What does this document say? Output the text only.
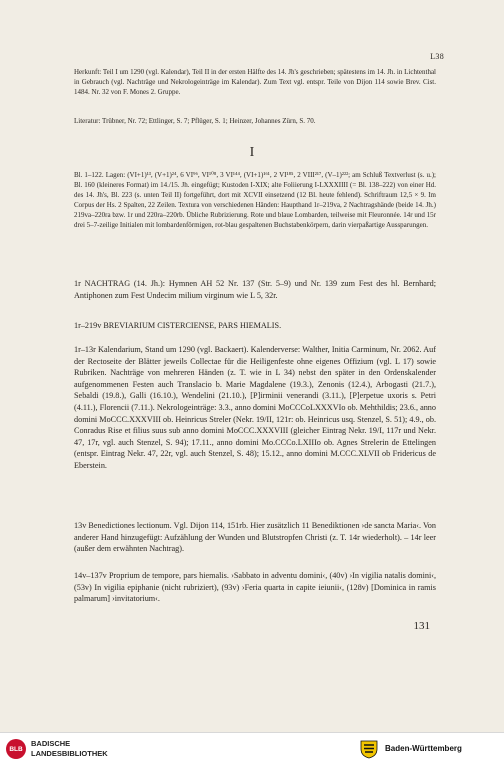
L38

Herkunft: Teil I um 1290 (vgl. Kalendar), Teil II in der ersten Hälfte des 14. Jh's geschrieben; spätestens im 14. Jh. in Lichtenthal in Gebrauch (vgl. Nachträge und Nekrologeinträge im Kalendar). Zum Text vgl. entspr. Teile von Dijon 114 sowie Brev. Cist. 1484. Nr. 32 von F. Mones 2. Gruppe.

Literatur: Trübner, Nr. 72; Ettlinger, S. 7; Pflüger, S. 1; Heinzer, Johannes Zürn, S. 70.

I

Bl. 1–122. Lagen: (VI+1)¹³, (V+1)²⁴, 6 VI⁹⁶, VI¹⁰⁸, 3 VI¹⁴⁴, (VI+1)¹⁶¹, 2 VI¹⁸⁵, 2 VIII²¹⁷, (V–1)²²²; am Schluß Textverlust (s. u.); Bl. 160 (kleineres Format) im 14./15. Jh. eingefügt; Kustoden I-XIX; alte Foliierung I-LXXXIIII (= Bl. 138–222) von einer Hd. des 14. Jh's, Bl. 223 (s. unten Teil II) fortgeführt, dort mit XCVII einsetzend (12 Bl. heute fehlend). Schriftraum 12,5 × 9. Im Corpus der Hs. 2 Spalten, 22 Zeilen. Textura von verschiedenen Händen: Haupthand 1r–219va, 2 Nachtragshände (beide 14. Jh.) 219va–220ra bzw. 1r und 220ra–220rb. Übliche Rubrizierung. Rote und blaue Lombarden, teilweise mit Fleuronnée. 14r und 15r drei 5–7-zeilige Initialen mit lombardenförmigen, rot-blau gespaltenen Buchstabenkörpern, darin vierpaßartige Aussparungen.

1r NACHTRAG (14. Jh.): Hymnen AH 52 Nr. 137 (Str. 5–9) und Nr. 139 zum Fest des hl. Bernhard; Antiphonen zum Fest Undecim milium virginum wie L 5, 32r.

1r–219v BREVIARIUM CISTERCIENSE, PARS HIEMALIS.

1r–13r Kalendarium, Stand um 1290 (vgl. Backaert). Kalenderverse: Walther, Initia Carminum, Nr. 2062. Auf der Rectoseite der Blätter jeweils Collectae für die Heiligenfeste ohne eigenes Offizium (vgl. L 17) sowie Rubriken. Nachträge von mehreren Händen (z. T. wie in L 34) nebst den später in den Ordenskalender aufgenommenen Festen auch Translacio b. Marie Magdalene (19.3.), Zenonis (12.4.), Arbogasti (21.7.), Sebaldi (19.8.), Galli (16.10.), Wendelini (21.10.), [P]irminii venerandi (3.11.), [P]erpetue uxoris s. Petri (4.11.), Florencii (7.11.). Nekrologeinträge: 3.3., anno domini MoCCCoLXXXVIo ob. Mehthildis; 23.6., anno domini MoCCC.XXXVIII ob. Heinricus Streler (Nekr. 19/II, 121r: ob. Heinricus usq. Stenzel, S. 51); 4.9., ob. Conradus Rise et filius suus sub anno domini MoCCC.XXXVIII (gleicher Eintrag Nekr. 19/I, 117r und Nekr. 47, 17r, vgl. auch Stenzel, S. 94); 17.11., anno domini Mo.CCCo.LXIIIo ob. Agnes Strelerin de Ettelingen (entspr. Eintrag Nekr. 47, 22r, vgl. auch Stenzel, S. 48); 15.12., anno domini M.CCC.XLVII ob Fridericus de Eberstein.

13v Benedictiones lectionum. Vgl. Dijon 114, 151rb. Hier zusätzlich 11 Benediktionen ›de sancta Maria‹. Von anderer Hand hinzugefügt: Aufzählung der Wunden und Blutstropfen Christi (z. T. 14r wiederholt). – 14r leer (außer dem erwähnten Nachtrag).

14v–137v Proprium de tempore, pars hiemalis. ›Sabbato in adventu domini‹, (40v) ›In vigilia natalis domini‹, (53v) In vigilia epiphanie (nicht rubriziert), (93v) ›Feria quarta in capite ieiunii‹, (128v) [Dominica in ramis palmarum] ›invitatorium‹.

131
BLB
BADISCHE
LANDESBIBLIOTHEK
Baden-Württemberg
